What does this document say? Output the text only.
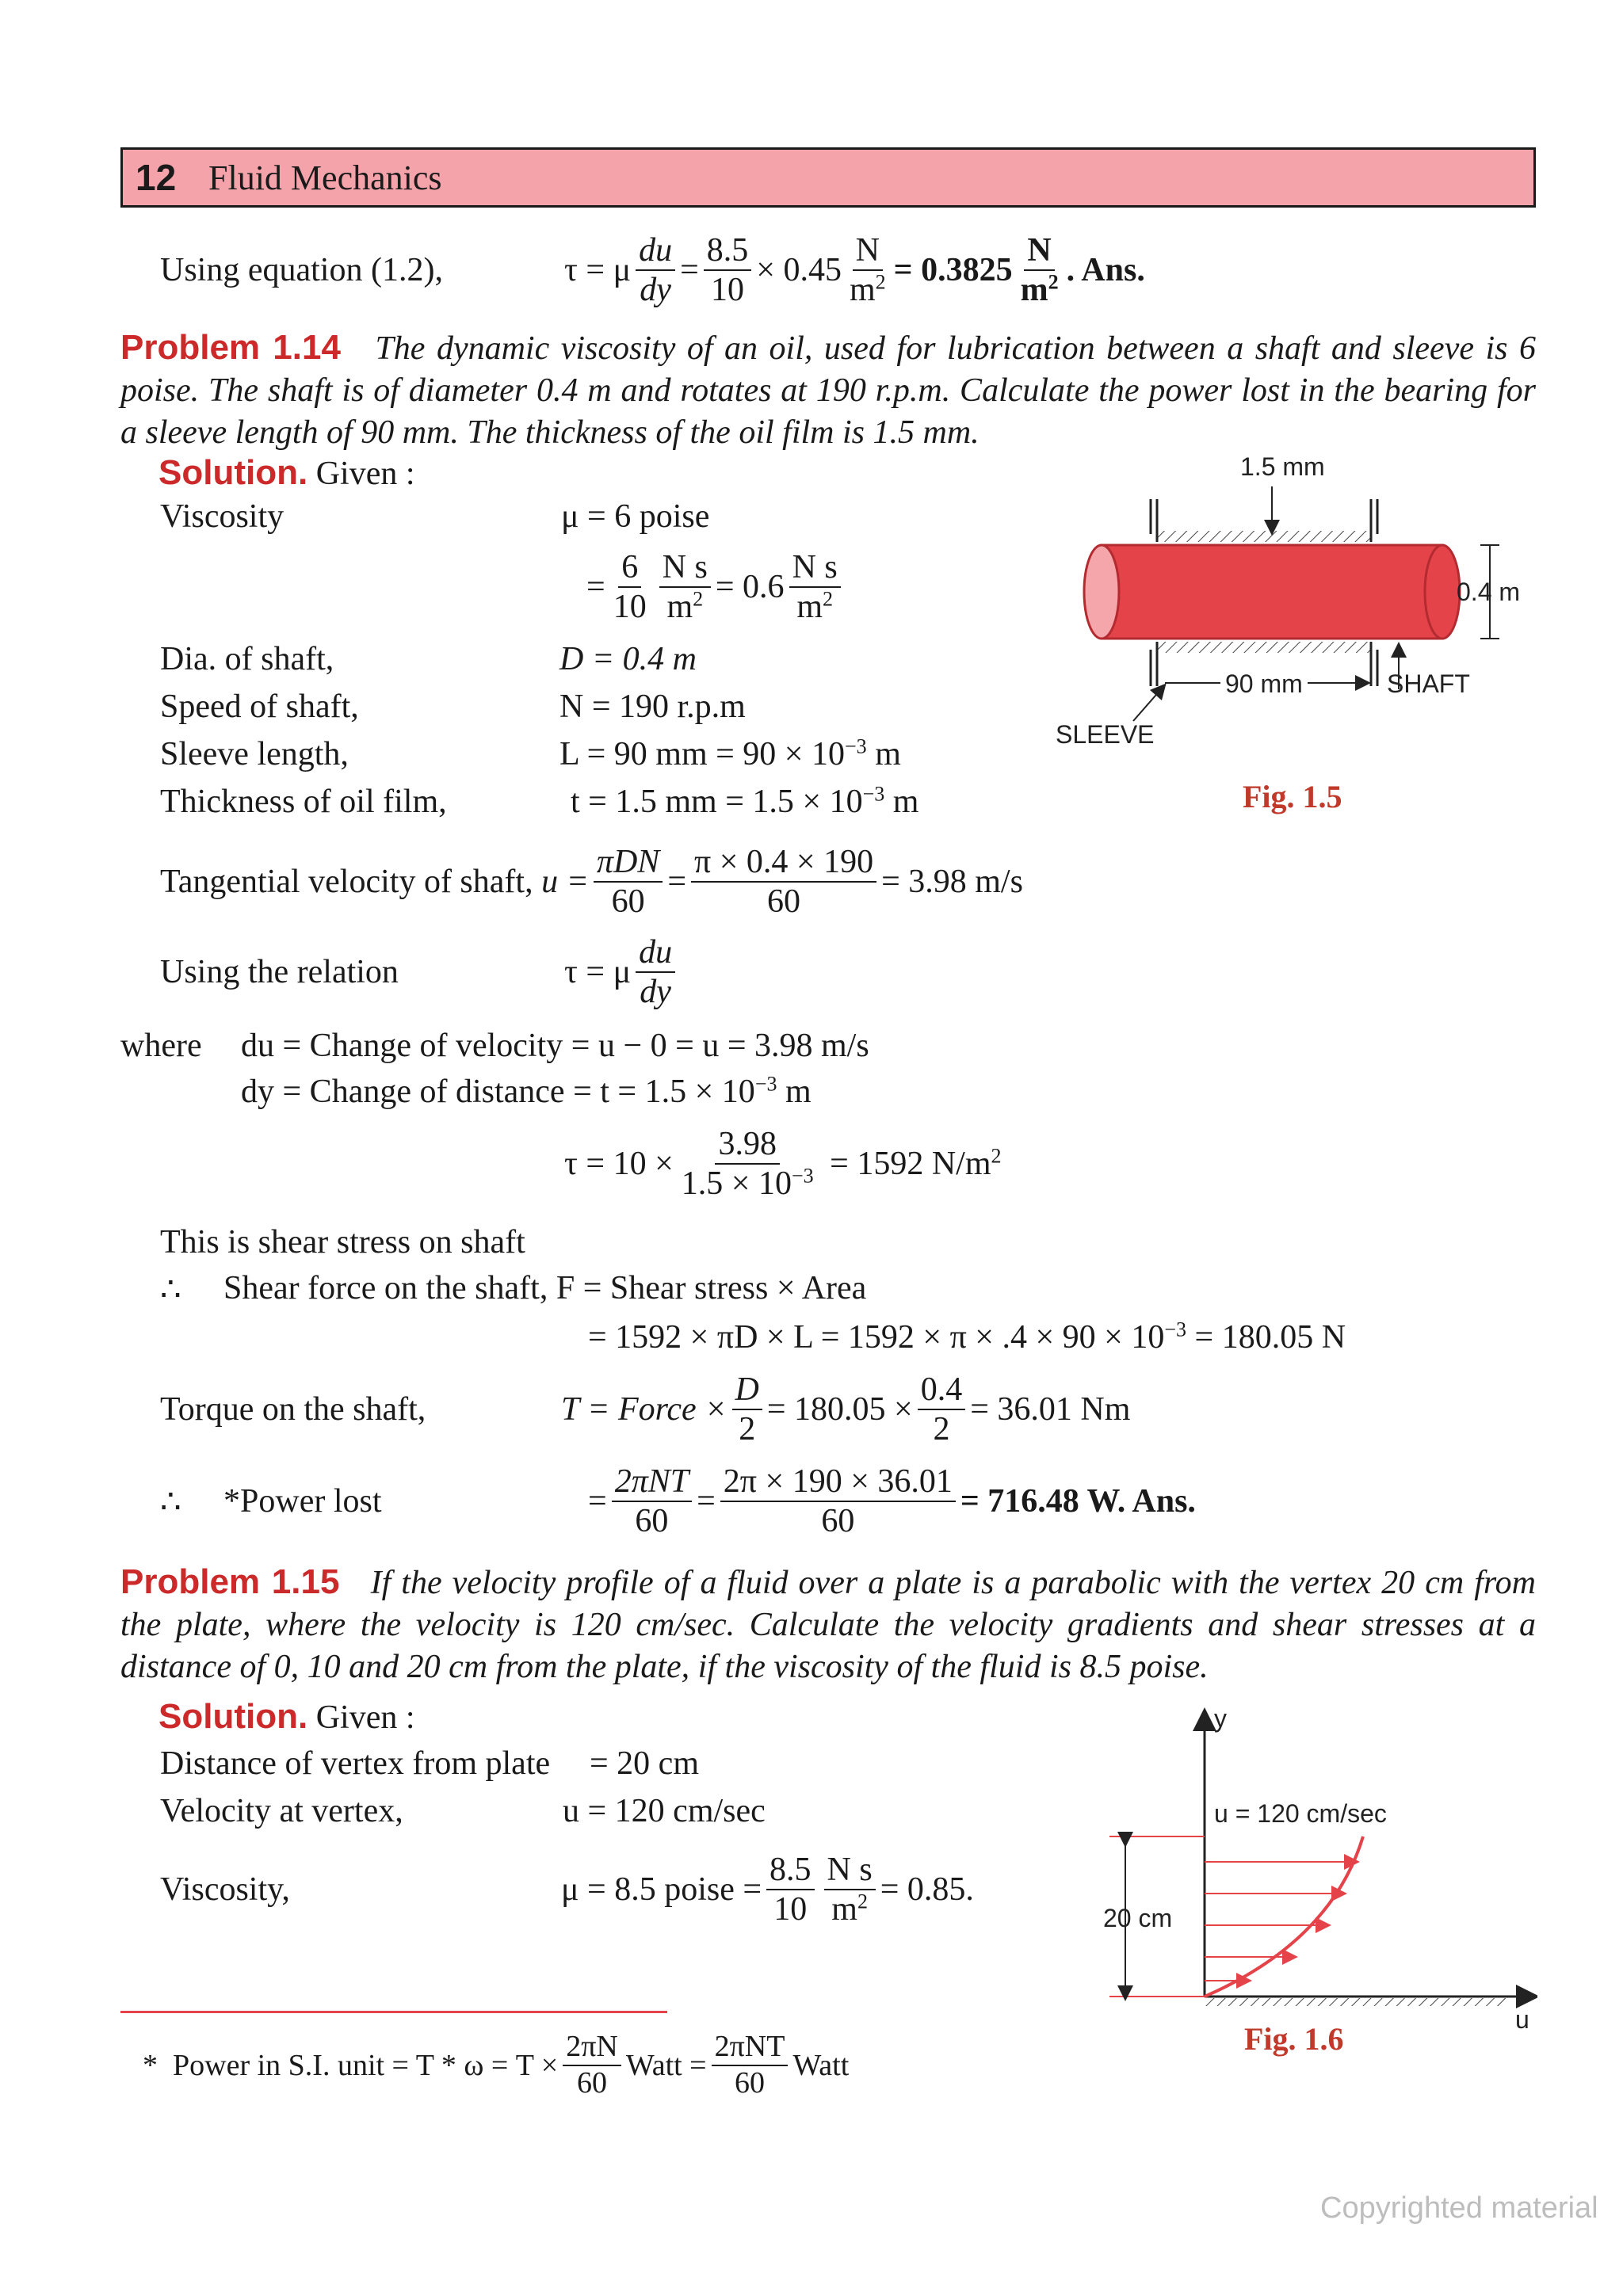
12 Fluid Mechanics
Using equation (1.2),	τ = μ $\frac{du}{dy} = \frac{8.5}{10} \times 0.45 \frac{N}{m^2} = 0.3825 \frac{N}{m^2}$ . Ans.
Problem 1.14 The dynamic viscosity of an oil, used for lubrication between a shaft and sleeve is 6 poise. The shaft is of diameter 0.4 m and rotates at 190 r.p.m. Calculate the power lost in the bearing for a sleeve length of 90 mm. The thickness of the oil film is 1.5 mm.
Solution. Given :
Viscosity	μ = 6 poise
= $\frac{6}{10} \frac{\text{N s}}{m^2} = 0.6 \frac{\text{N s}}{m^2}$
Dia. of shaft,	D = 0.4 m
Speed of shaft,	N = 190 r.p.m
Sleeve length,	L = 90 mm = $90 \times 10^{-3}$ m
Thickness of oil film,	t = 1.5 mm = $1.5 \times 10^{-3}$ m
Tangential velocity of shaft,
$u = \frac{\text{πDN}}{60} = \frac{\pi \times 0.4 \times 190}{60} = 3.98$ m/s
Using the relation	τ = μ $\frac{du}{dy}$
where du = Change of velocity = u − 0 = u = 3.98 m/s
dy = Change of distance = $t = 1.5 \times 10^{-3}$ m
$\tau = 10 \times \frac{3.98}{1.5 \times 10^{-3}} = 1592$ $N/m^2$
This is shear stress on shaft
∴ Shear force on the shaft, F = Shear stress × Area
= $1592 \times \pi D \times L = 1592 \times \pi \times .4 \times 90 \times 10^{-3} = 180.05$ N
Torque on the shaft,	T = Force × $\frac{D}{2} = 180.05 \times \frac{0.4}{2} = 36.01$ Nm
∴	*Power lost	= $\frac{\text{2πNT}}{60} = \frac{2\pi \times 190 \times 36.01}{60} = 716.48$ W. Ans.
1.5 mm
0.4 m
90 mm	SHAFT
SLEEVE
Fig. 1.5
Problem 1.15 If the velocity profile of a fluid over a plate is a parabolic with the vertex 20 cm from the plate, where the velocity is 120 cm/sec. Calculate the velocity gradients and shear stresses at a distance of 0, 10 and 20 cm from the plate, if the viscosity of the fluid is 8.5 poise.
Solution. Given :
Distance of vertex from plate = 20 cm
Velocity at vertex,	u = 120 cm/sec
Viscosity,	μ = 8.5 poise = $\frac{8.5}{10} \frac{\text{N s}}{m^2} = 0.85$.
y
u
u = 120 cm/sec
20 cm
Fig. 1.6
*
Power in S.I. unit = $T * \omega = T \times \frac{2\pi N}{60}$ Watt = $\frac{\text{2πNT}}{60}$ Watt
Copyrighted material
